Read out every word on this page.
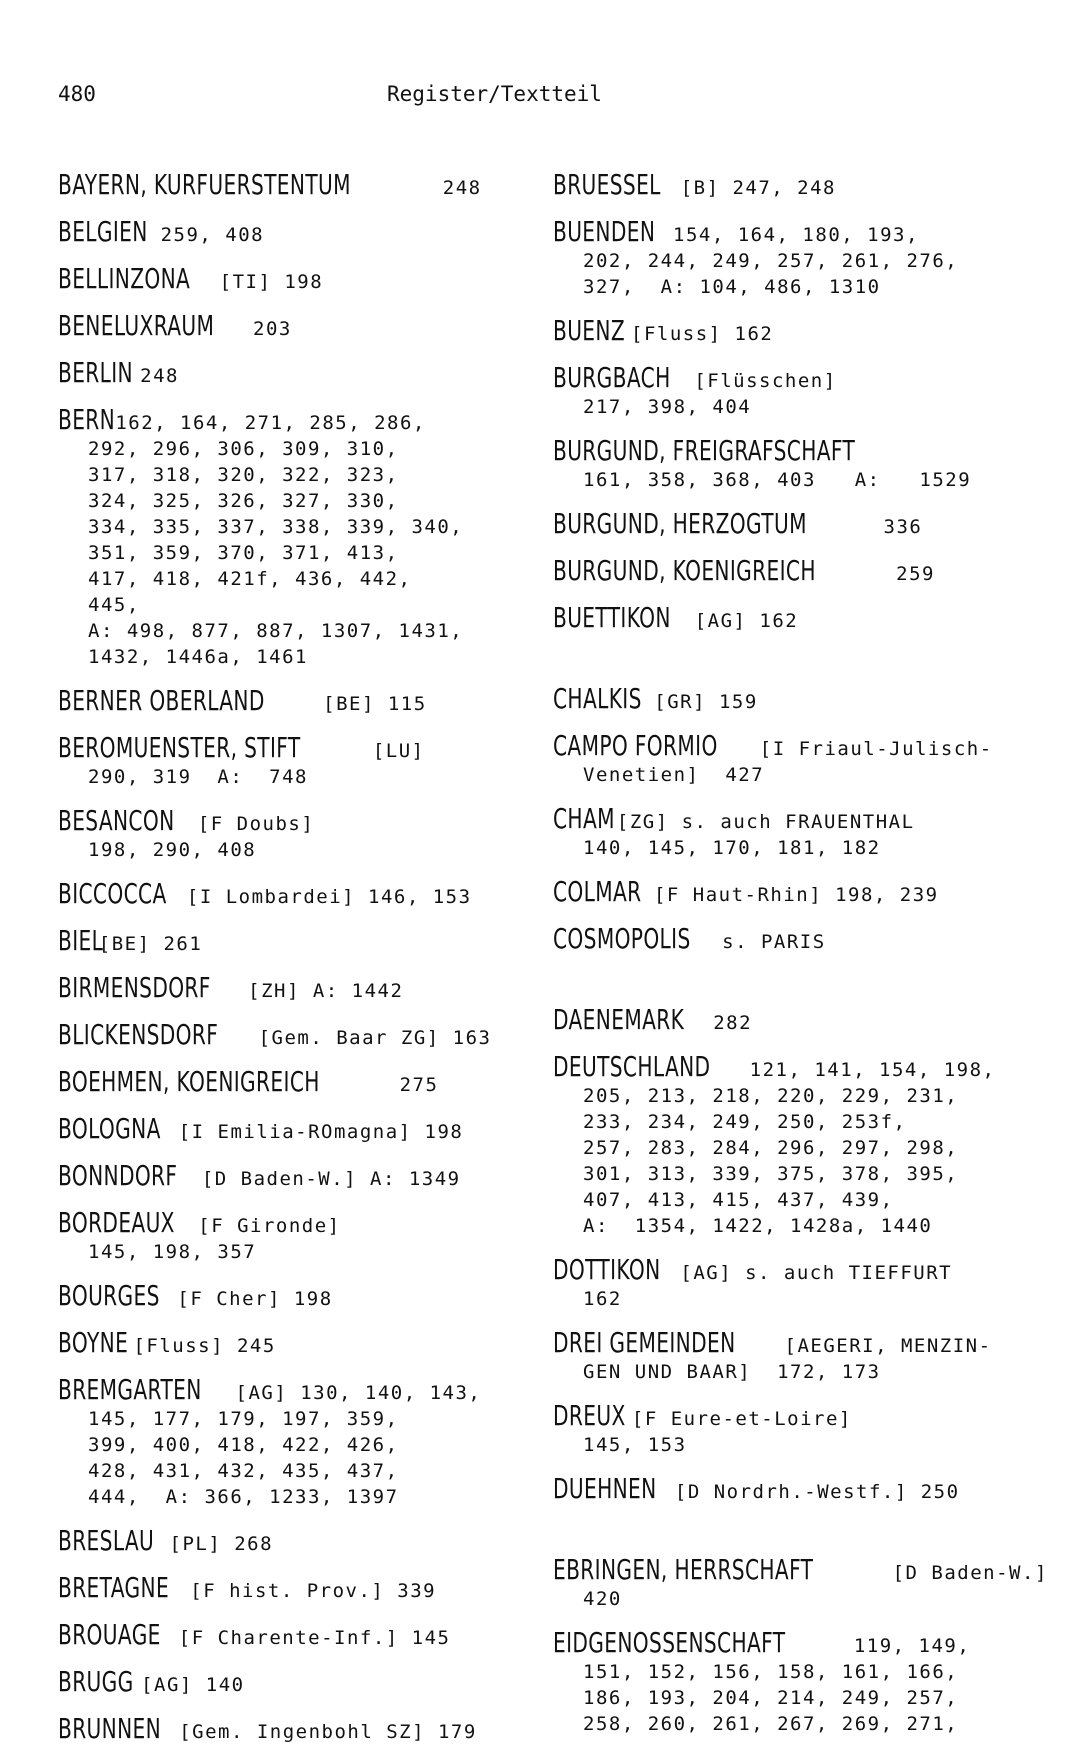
480	Register/Textteil
BAYERN, KURFUERSTENTUM	248
BELGIEN 259, 408
BELLINZONA [TI] 198
BENELUXRAUM 203
BERLIN 248
BERN162, 164, 271, 285, 286,
292, 296, 306, 309, 310,
317, 318, 320, 322, 323,
324, 325, 326, 327, 330,
334, 335, 337, 338, 339, 340,
351, 359, 370, 371, 413,
417, 418, 421f, 436, 442,
445,
A: 498, 877, 887, 1307, 1431,
1432, 1446a, 1461
BERNER OBERLAND	[BE] 115
BEROMUENSTER, STIFT	[LU]
290, 319  A:  748
BESANCON [F Doubs]
198, 290, 408
BICCOCCA [I Lombardei] 146, 153
BIEL[BE] 261
BIRMENSDORF [ZH] A: 1442
BLICKENSDORF [Gem. Baar ZG] 163
BOEHMEN, KOENIGREICH	275
BOLOGNA [I Emilia-ROmagna] 198
BONNDORF [D Baden-W.] A: 1349
BORDEAUX [F Gironde]
145, 198, 357
BOURGES [F Cher] 198
BOYNE [Fluss] 245
BREMGARTEN [AG] 130, 140, 143,
145, 177, 179, 197, 359,
399, 400, 418, 422, 426,
428, 431, 432, 435, 437,
444,  A: 366, 1233, 1397
BRESLAU [PL] 268
BRETAGNE [F hist. Prov.] 339
BROUAGE [F Charente-Inf.] 145
BRUGG [AG] 140
BRUNNEN [Gem. Ingenbohl SZ] 179
BRUESSEL [B] 247, 248
BUENDEN 154, 164, 180, 193,
202, 244, 249, 257, 261, 276,
327,  A: 104, 486, 1310
BUENZ [Fluss] 162
BURGBACH [Flüsschen]
217, 398, 404
BURGUND, FREIGRAFSCHAFT
161, 358, 368, 403   A:   1529
BURGUND, HERZOGTUM	336
BURGUND, KOENIGREICH	259
BUETTIKON [AG] 162
CHALKIS [GR] 159
CAMPO FORMIO [I Friaul-Julisch-
Venetien]  427
CHAM [ZG] s. auch FRAUENTHAL
140, 145, 170, 181, 182
COLMAR [F Haut-Rhin] 198, 239
COSMOPOLIS s. PARIS
DAENEMARK 282
DEUTSCHLAND 121, 141, 154, 198,
205, 213, 218, 220, 229, 231,
233, 234, 249, 250, 253f,
257, 283, 284, 296, 297, 298,
301, 313, 339, 375, 378, 395,
407, 413, 415, 437, 439,
A:  1354, 1422, 1428a, 1440
DOTTIKON [AG] s. auch TIEFFURT
162
DREI GEMEINDEN	[AEGERI, MENZIN-
GEN UND BAAR]  172, 173
DREUX [F Eure-et-Loire]
145, 153
DUEHNEN [D Nordrh.-Westf.] 250
EBRINGEN, HERRSCHAFT	[D Baden-W.]
420
EIDGENOSSENSCHAFT	119, 149,
151, 152, 156, 158, 161, 166,
186, 193, 204, 214, 249, 257,
258, 260, 261, 267, 269, 271,
